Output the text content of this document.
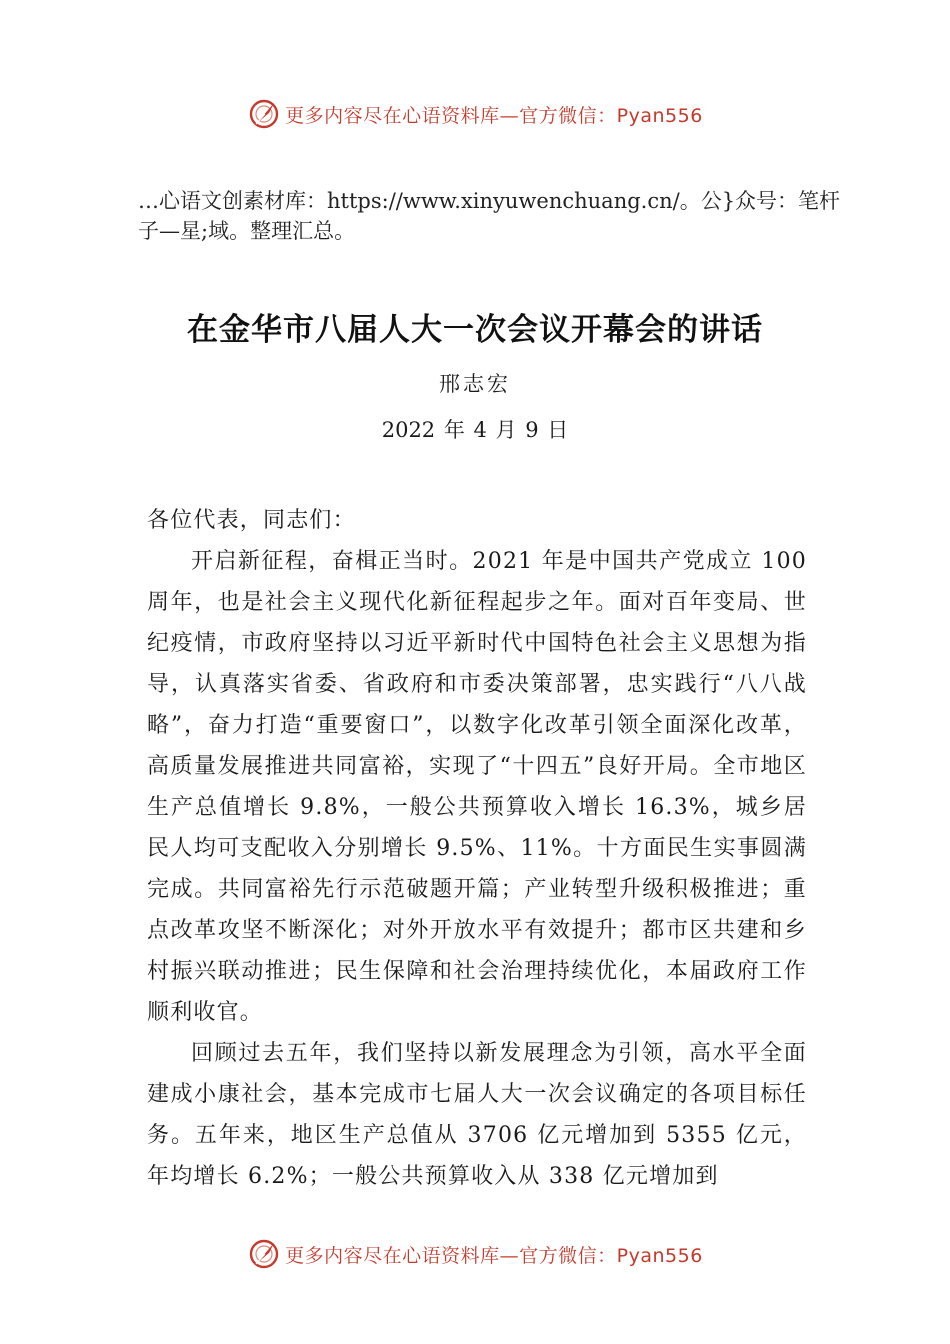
更多内容尽在心语资料库—官方微信：Pyan556
…心语文创素材库：https://www.xinyuwenchuang.cn/。公}众号：笔杆子—星;域。整理汇总。
在金华市八届人大一次会议开幕会的讲话
邢志宏
2022 年 4 月 9 日

各位代表，同志们：

开启新征程，奋楫正当时。2021 年是中国共产党成立 100 周年，也是社会主义现代化新征程起步之年。面对百年变局、世纪疫情，市政府坚持以习近平新时代中国特色社会主义思想为指导，认真落实省委、省政府和市委决策部署，忠实践行“八八战略”，奋力打造“重要窗口”，以数字化改革引领全面深化改革，高质量发展推进共同富裕，实现了“十四五”良好开局。全市地区生产总值增长 9.8%，一般公共预算收入增长 16.3%，城乡居民人均可支配收入分别增长 9.5%、11%。十方面民生实事圆满完成。共同富裕先行示范破题开篇；产业转型升级积极推进；重点改革攻坚不断深化；对外开放水平有效提升；都市区共建和乡村振兴联动推进；民生保障和社会治理持续优化，本届政府工作顺利收官。

回顾过去五年，我们坚持以新发展理念为引领，高水平全面建成小康社会，基本完成市七届人大一次会议确定的各项目标任务。五年来，地区生产总值从 3706 亿元增加到 5355 亿元，年均增长 6.2%；一般公共预算收入从 338 亿元增加到

更多内容尽在心语资料库—官方微信：Pyan556
